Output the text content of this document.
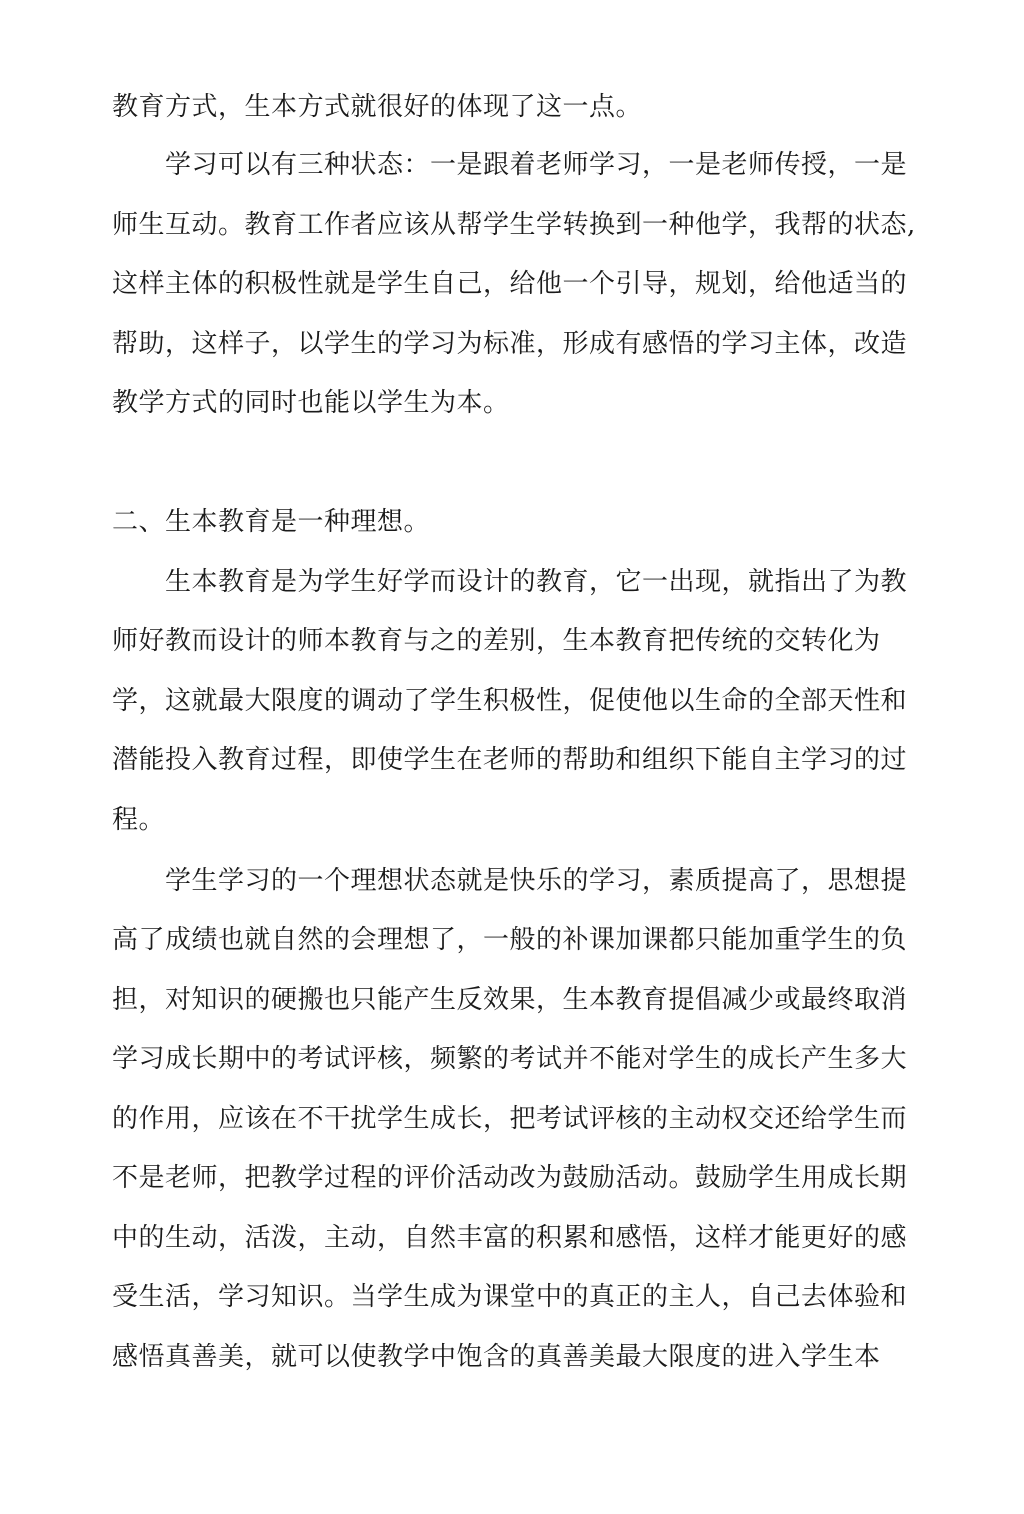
教育方式，生本方式就很好的体现了这一点。
学习可以有三种状态：一是跟着老师学习，一是老师传授，一是
师生互动。教育工作者应该从帮学生学转换到一种他学，我帮的状态,
这样主体的积极性就是学生自己，给他一个引导，规划，给他适当的
帮助，这样子，以学生的学习为标准，形成有感悟的学习主体，改造
教学方式的同时也能以学生为本。
二、生本教育是一种理想。
生本教育是为学生好学而设计的教育，它一出现，就指出了为教
师好教而设计的师本教育与之的差别，生本教育把传统的交转化为
学，这就最大限度的调动了学生积极性，促使他以生命的全部天性和
潜能投入教育过程，即使学生在老师的帮助和组织下能自主学习的过
程。
学生学习的一个理想状态就是快乐的学习，素质提高了，思想提
高了成绩也就自然的会理想了，一般的补课加课都只能加重学生的负
担，对知识的硬搬也只能产生反效果，生本教育提倡减少或最终取消
学习成长期中的考试评核，频繁的考试并不能对学生的成长产生多大
的作用，应该在不干扰学生成长，把考试评核的主动权交还给学生而
不是老师，把教学过程的评价活动改为鼓励活动。鼓励学生用成长期
中的生动，活泼，主动，自然丰富的积累和感悟，这样才能更好的感
受生活，学习知识。当学生成为课堂中的真正的主人，自己去体验和
感悟真善美，就可以使教学中饱含的真善美最大限度的进入学生本
